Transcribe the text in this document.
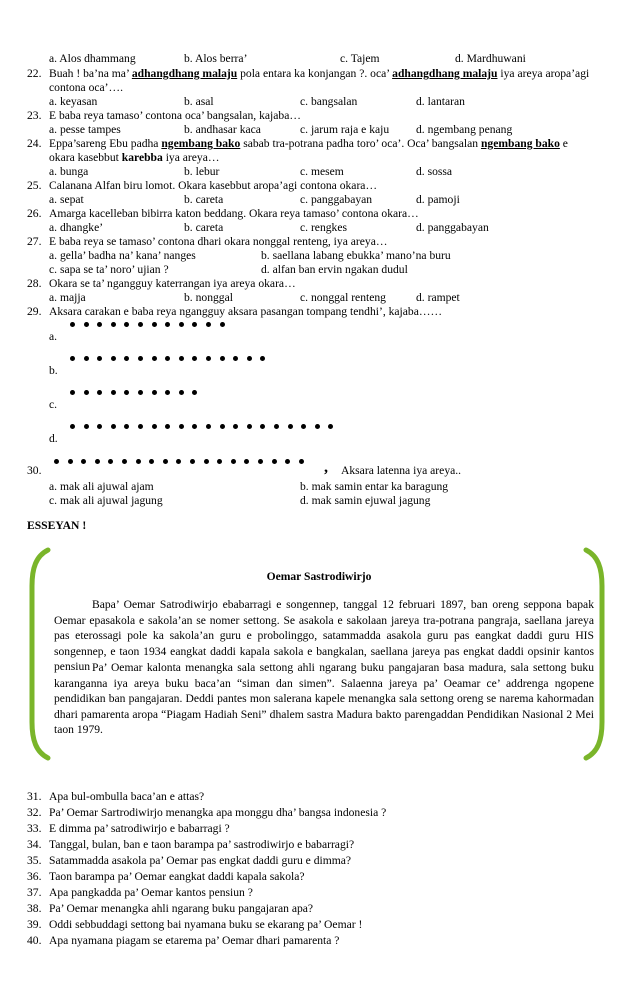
a. Alos dhammang	b. Alos berra’	c. Tajem	d. Mardhuwani
22. Buah ! ba’na ma’ adhangdhang malaju pola entara ka konjangan ?. oca’ adhangdhang malaju iya areya aropa’agi
contona oca’….
a. keyasan	b. asal	c. bangsalan	d. lantaran
23. E baba reya tamaso’ contona oca’ bangsalan, kajaba…
a. pesse tampes	b. andhasar kaca	c. jarum raja e kaju d. ngembang penang
24. Eppa’sareng Ebu padha ngembang bako sabab tra-potrana padha toro’ oca’. Oca’ bangsalan ngembang bako e
okara kasebbut karebba iya areya…
a. bunga	b. lebur	c. mesem	d. sossa
25. Calanana Alfan biru lomot. Okara kasebbut aropa’agi contona okara…
a. sepat	b. careta	c. panggabayan	d. pamoji
26. Amarga kacelleban bibirra katon beddang. Okara reya tamaso’ contona okara…
a. dhangke’	b. careta	c. rengkes	d. panggabayan
27. E baba reya se tamaso’ contona dhari okara nonggal renteng, iya areya…
a. gella’ badha na’ kana’ nanges	b. saellana labang ebukka’ mano’na buru
c. sapa se ta’ noro’ ujian ?	d. alfan ban ervin ngakan dudul
28. Okara se ta’ ngangguy katerrangan iya areya okara…
a. majja	b. nonggal	c. nonggal renteng	d. rampet
29. Aksara carakan e baba reya ngangguy aksara pasangan tompang tendhi’, kajaba……
a.
b.
c.
d.
30.	, Aksara latenna iya areya..
a. mak ali ajuwal ajam	b. mak samin entar ka baragung
c. mak ali ajuwal jagung	d. mak samin ejuwal jagung
ESSEYAN !
Oemar Sastrodiwirjo
Bapa’ Oemar Satrodiwirjo ebabarragi e songennep, tanggal 12 februari 1897, ban oreng seppona bapak Oemar epasakola e sakola’an se nomer settong. Se asakola e sakolaan jareya tra-potrana pangraja, saellana jareya pas eterossagi pole ka sakola’an guru e probolinggo, satammadda asakola guru pas eangkat daddi guru HIS songennep, e taon 1934 eangkat daddi kapala sakola e bangkalan, saellana jareya pas engkat daddi opsinir kantos pensiun Pa’ Oemar kalonta menangka sala settong ahli ngarang buku pangajaran basa madura, sala settong buku karanganna iya areya buku baca’an “siman dan simen”. Salaenna jareya pa’ Oeamar ce’ addrenga ngopene pendidikan ban pangajaran. Deddi pantes mon salerana kapele menangka sala settong oreng se narema kahormadan dhari pamarenta aropa “Piagam Hadiah Seni” dhalem sastra Madura bakto parengaddan Pendidikan Nasional 2 Mei taon 1979.
31. Apa bul-ombulla baca’an e attas?
32. Pa’ Oemar Sartrodiwirjo menangka apa monggu dha’ bangsa indonesia ?
33. E dimma pa’ satrodiwirjo e babarragi ?
34. Tanggal, bulan, ban e taon barampa pa’ sastrodiwirjo e babarragi?
35. Satammadda asakola pa’ Oemar pas engkat daddi guru e dimma?
36. Taon barampa pa’ Oemar eangkat daddi kapala sakola?
37. Apa pangkadda pa’ Oemar kantos pensiun ?
38. Pa’ Oemar menangka ahli ngarang buku pangajaran apa?
39. Oddi sebbuddagi settong bai nyamana buku se ekarang pa’ Oemar !
40. Apa nyamana piagam se etarema pa’ Oemar dhari pamarenta ?
